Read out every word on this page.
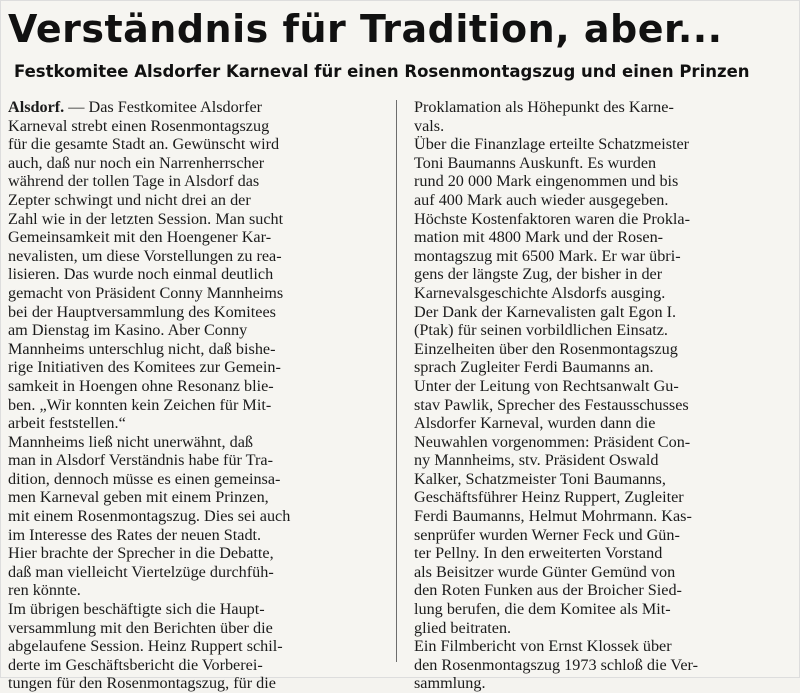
Verständnis für Tradition, aber...
Festkomitee Alsdorfer Karneval für einen Rosenmontagszug und einen Prinzen
Alsdorf. — Das Festkomitee Alsdorfer
Karneval strebt einen Rosenmontagszug
für die gesamte Stadt an. Gewünscht wird
auch, daß nur noch ein Narrenherrscher
während der tollen Tage in Alsdorf das
Zepter schwingt und nicht drei an der
Zahl wie in der letzten Session. Man sucht
Gemeinsamkeit mit den Hoengener Kar-
nevalisten, um diese Vorstellungen zu rea-
lisieren. Das wurde noch einmal deutlich
gemacht von Präsident Conny Mannheims
bei der Hauptversammlung des Komitees
am Dienstag im Kasino. Aber Conny
Mannheims unterschlug nicht, daß bishe-
rige Initiativen des Komitees zur Gemein-
samkeit in Hoengen ohne Resonanz blie-
ben. „Wir konnten kein Zeichen für Mit-
arbeit feststellen.“
Mannheims ließ nicht unerwähnt, daß
man in Alsdorf Verständnis habe für Tra-
dition, dennoch müsse es einen gemeinsa-
men Karneval geben mit einem Prinzen,
mit einem Rosenmontagszug. Dies sei auch
im Interesse des Rates der neuen Stadt.
Hier brachte der Sprecher in die Debatte,
daß man vielleicht Viertelzüge durchfüh-
ren könnte.
Im übrigen beschäftigte sich die Haupt-
versammlung mit den Berichten über die
abgelaufene Session. Heinz Ruppert schil-
derte im Geschäftsbericht die Vorberei-
tungen für den Rosenmontagszug, für die
Proklamation als Höhepunkt des Karne-
vals.
Über die Finanzlage erteilte Schatzmeister
Toni Baumanns Auskunft. Es wurden
rund 20 000 Mark eingenommen und bis
auf 400 Mark auch wieder ausgegeben.
Höchste Kostenfaktoren waren die Prokla-
mation mit 4800 Mark und der Rosen-
montagszug mit 6500 Mark. Er war übri-
gens der längste Zug, der bisher in der
Karnevalsgeschichte Alsdorfs ausging.
Der Dank der Karnevalisten galt Egon I.
(Ptak) für seinen vorbildlichen Einsatz.
Einzelheiten über den Rosenmontagszug
sprach Zugleiter Ferdi Baumanns an.
Unter der Leitung von Rechtsanwalt Gu-
stav Pawlik, Sprecher des Festausschusses
Alsdorfer Karneval, wurden dann die
Neuwahlen vorgenommen: Präsident Con-
ny Mannheims, stv. Präsident Oswald
Kalker, Schatzmeister Toni Baumanns,
Geschäftsführer Heinz Ruppert, Zugleiter
Ferdi Baumanns, Helmut Mohrmann. Kas-
senprüfer wurden Werner Feck und Gün-
ter Pellny. In den erweiterten Vorstand
als Beisitzer wurde Günter Gemünd von
den Roten Funken aus der Broicher Sied-
lung berufen, die dem Komitee als Mit-
glied beitraten.
Ein Filmbericht von Ernst Klossek über
den Rosenmontagszug 1973 schloß die Ver-
sammlung.
